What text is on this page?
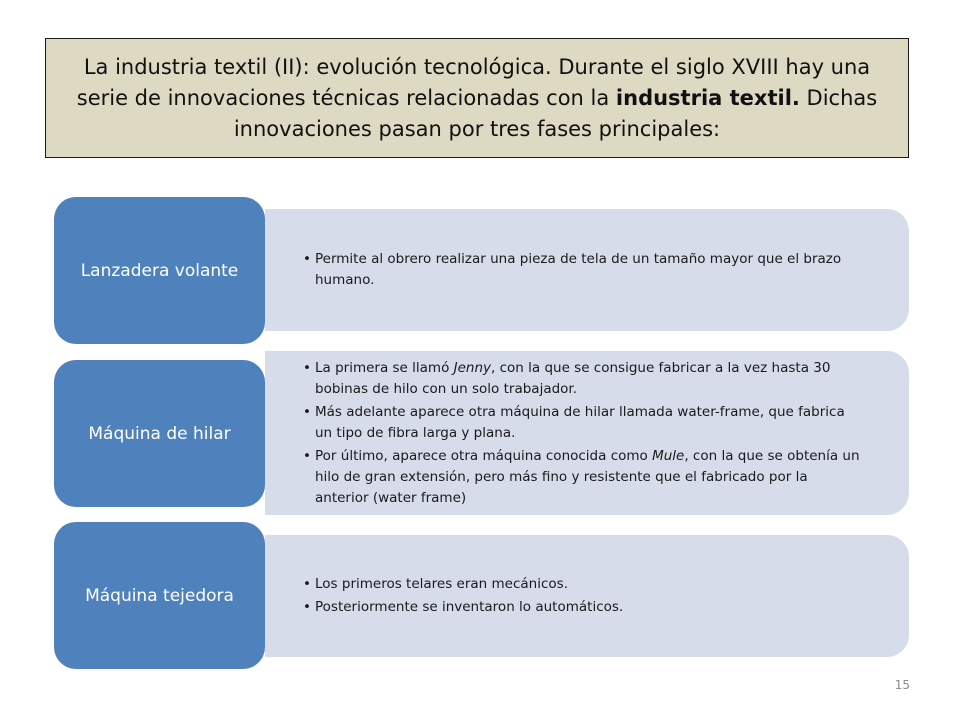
La industria textil (II): evolución tecnológica. Durante el siglo XVIII hay una serie de innovaciones técnicas relacionadas con la industria textil. Dichas innovaciones pasan por tres fases principales:
• Permite al obrero realizar una pieza de tela de un tamaño mayor que el brazo humano.
Lanzadera volante
• La primera se llamó Jenny, con la que se consigue fabricar a la vez hasta 30 bobinas de hilo con un solo trabajador.
• Más adelante aparece otra máquina de hilar llamada water-frame, que fabrica un tipo de fibra larga y plana.
• Por último, aparece otra máquina conocida como Mule, con la que se obtenía un hilo de gran extensión, pero más fino y resistente que el fabricado por la anterior (water frame)
Máquina de hilar
• Los primeros telares eran mecánicos.
• Posteriormente se inventaron lo automáticos.
Máquina tejedora
15
